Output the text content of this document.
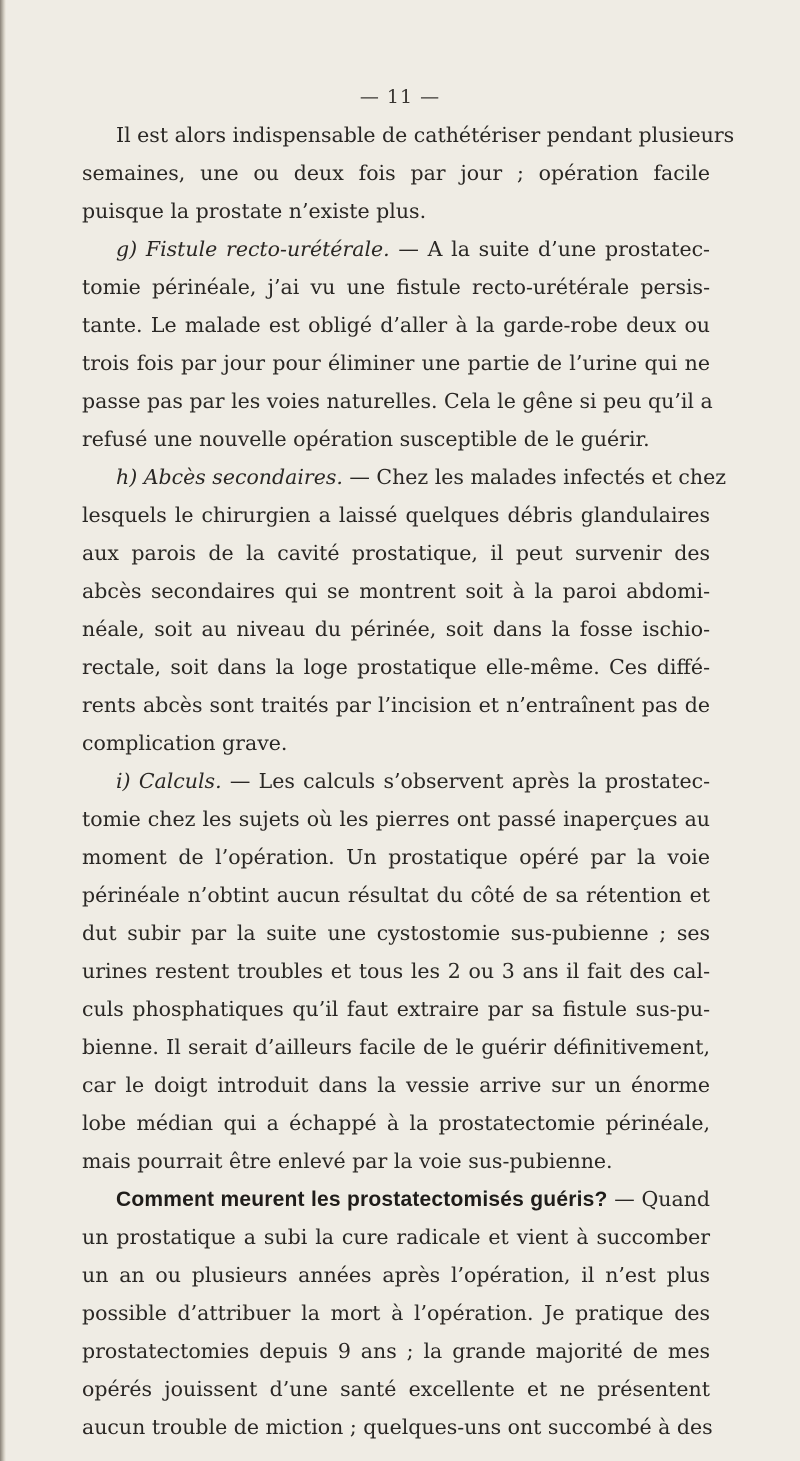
— 11 —
Il est alors indispensable de cathétériser pendant plusieurs
semaines, une ou deux fois par jour ; opération facile
puisque la prostate n’existe plus.
g) Fistule recto-urétérale. — A la suite d’une prostatec-
tomie périnéale, j’ai vu une fistule recto-urétérale persis-
tante. Le malade est obligé d’aller à la garde-robe deux ou
trois fois par jour pour éliminer une partie de l’urine qui ne
passe pas par les voies naturelles. Cela le gêne si peu qu’il a
refusé une nouvelle opération susceptible de le guérir.
h) Abcès secondaires. — Chez les malades infectés et chez
lesquels le chirurgien a laissé quelques débris glandulaires
aux parois de la cavité prostatique, il peut survenir des
abcès secondaires qui se montrent soit à la paroi abdomi-
néale, soit au niveau du périnée, soit dans la fosse ischio-
rectale, soit dans la loge prostatique elle-même. Ces diffé-
rents abcès sont traités par l’incision et n’entraînent pas de
complication grave.
i) Calculs. — Les calculs s’observent après la prostatec-
tomie chez les sujets où les pierres ont passé inaperçues au
moment de l’opération. Un prostatique opéré par la voie
périnéale n’obtint aucun résultat du côté de sa rétention et
dut subir par la suite une cystostomie sus-pubienne ; ses
urines restent troubles et tous les 2 ou 3 ans il fait des cal-
culs phosphatiques qu’il faut extraire par sa fistule sus-pu-
bienne. Il serait d’ailleurs facile de le guérir définitivement,
car le doigt introduit dans la vessie arrive sur un énorme
lobe médian qui a échappé à la prostatectomie périnéale,
mais pourrait être enlevé par la voie sus-pubienne.
Comment meurent les prostatectomisés guéris? — Quand
un prostatique a subi la cure radicale et vient à succomber
un an ou plusieurs années après l’opération, il n’est plus
possible d’attribuer la mort à l’opération. Je pratique des
prostatectomies depuis 9 ans ; la grande majorité de mes
opérés jouissent d’une santé excellente et ne présentent
aucun trouble de miction ; quelques-uns ont succombé à des
